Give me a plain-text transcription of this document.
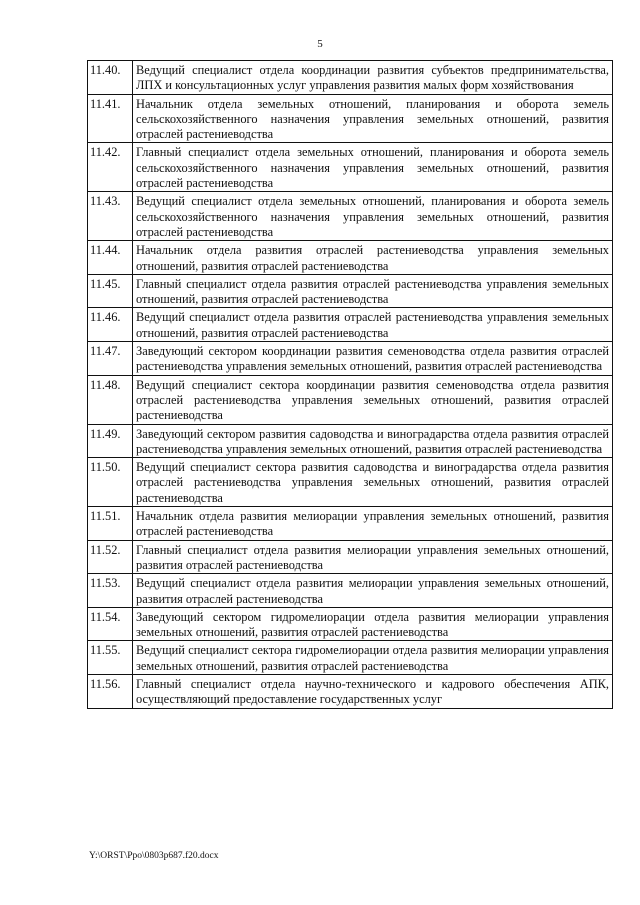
5
11.40.	Ведущий специалист отдела координации развития субъектов предпринимательства, ЛПХ и консультационных услуг управления развития малых форм хозяйствования
11.41.	Начальник отдела земельных отношений, планирования и оборота земель сельскохозяйственного назначения управления земельных отношений, развития отраслей растениеводства
11.42.	Главный специалист отдела земельных отношений, планирования и оборота земель сельскохозяйственного назначения управления земельных отношений, развития отраслей растениеводства
11.43.	Ведущий специалист отдела земельных отношений, планирования и оборота земель сельскохозяйственного назначения управления земельных отношений, развития отраслей растениеводства
11.44.	Начальник отдела развития отраслей растениеводства управления земельных отношений, развития отраслей растениеводства
11.45.	Главный специалист отдела развития отраслей растениеводства управления земельных отношений, развития отраслей растениеводства
11.46.	Ведущий специалист отдела развития отраслей растениеводства управления земельных отношений, развития отраслей растениеводства
11.47.	Заведующий сектором координации развития семеноводства отдела развития отраслей растениеводства управления земельных отношений, развития отраслей растениеводства
11.48.	Ведущий специалист сектора координации развития семеноводства отдела развития отраслей растениеводства управления земельных отношений, развития отраслей растениеводства
11.49.	Заведующий сектором развития садоводства и виноградарства отдела развития отраслей растениеводства управления земельных отношений, развития отраслей растениеводства
11.50.	Ведущий специалист сектора развития садоводства и виноградарства отдела развития отраслей растениеводства управления земельных отношений, развития отраслей растениеводства
11.51.	Начальник отдела развития мелиорации управления земельных отношений, развития отраслей растениеводства
11.52.	Главный специалист отдела развития мелиорации управления земельных отношений, развития отраслей растениеводства
11.53.	Ведущий специалист отдела развития мелиорации управления земельных отношений, развития отраслей растениеводства
11.54.	Заведующий сектором гидромелиорации отдела развития мелиорации управления земельных отношений, развития отраслей растениеводства
11.55.	Ведущий специалист сектора гидромелиорации отдела развития мелиорации управления земельных отношений, развития отраслей растениеводства
11.56.	Главный специалист отдела научно-технического и кадрового обеспечения АПК, осуществляющий предоставление государственных услуг
Y:\ORST\Ppo\0803p687.f20.docx
